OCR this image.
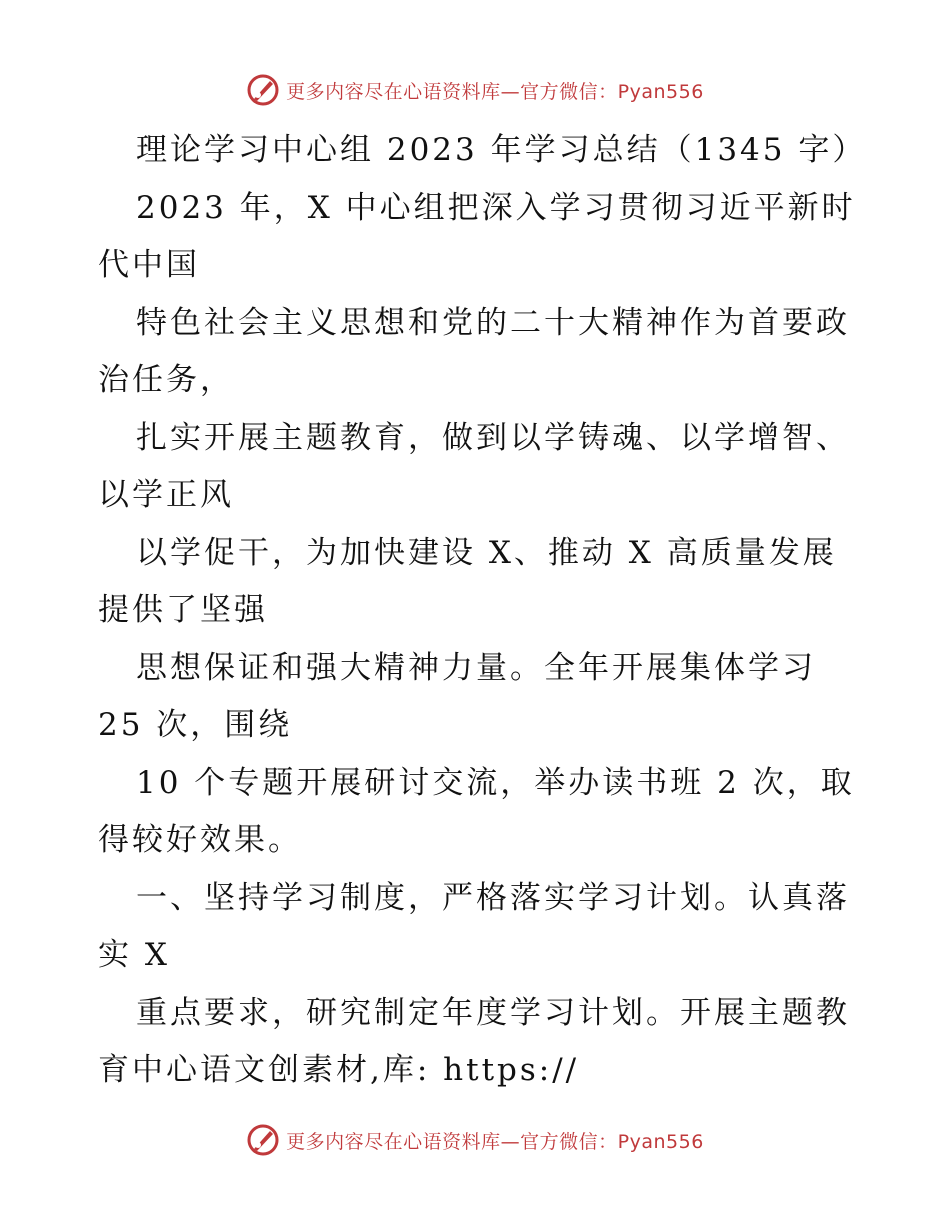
更多内容尽在心语资料库—官方微信：Pyan556
理论学习中心组 2023 年学习总结（1345 字）
2023 年，X 中心组把深入学习贯彻习近平新时
代中国
特色社会主义思想和党的二十大精神作为首要政
治任务，
扎实开展主题教育，做到以学铸魂、以学增智、
以学正风
以学促干，为加快建设 X、推动 X 高质量发展
提供了坚强
思想保证和强大精神力量。全年开展集体学习
25 次，围绕
10 个专题开展研讨交流，举办读书班 2 次，取
得较好效果。
一、坚持学习制度，严格落实学习计划。认真落
实 X
重点要求，研究制定年度学习计划。开展主题教
育中心语文创素材,库: https://
更多内容尽在心语资料库—官方微信：Pyan556
